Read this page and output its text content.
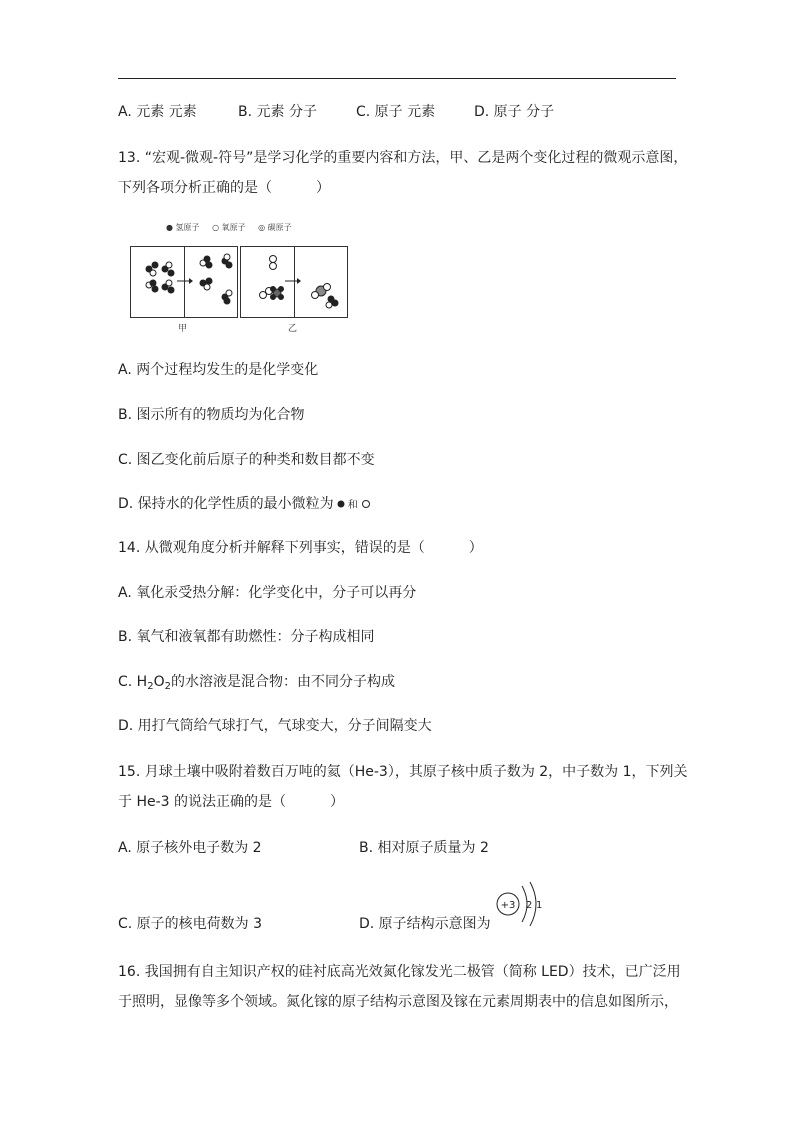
A. 元素 元素	B. 元素 分子	C. 原子 元素	D. 原子 分子
13. “宏观-微观-符号”是学习化学的重要内容和方法，甲、乙是两个变化过程的微观示意图，
下列各项分析正确的是（	）
● 氢原子 ○ 氧原子 ◎ 碳原子
甲	乙
A. 两个过程均发生的是化学变化
B. 图示所有的物质均为化合物
C. 图乙变化前后原子的种类和数目都不变
D. 保持水的化学性质的最小微粒为 和
14. 从微观角度分析并解释下列事实，错误的是（	）
A. 氧化汞受热分解：化学变化中，分子可以再分
B. 氧气和液氧都有助燃性：分子构成相同
C. $H_2O_2$的水溶液是混合物：由不同分子构成
D. 用打气筒给气球打气，气球变大，分子间隔变大
15. 月球土壤中吸附着数百万吨的氦（He-3），其原子核中质子数为 2，中子数为 1，下列关
于 He-3 的说法正确的是（	）
A. 原子核外电子数为 2	B. 相对原子质量为 2
C. 原子的核电荷数为 3	D. 原子结构示意图为
+3 2 1
16. 我国拥有自主知识产权的硅衬底高光效氮化镓发光二极管（简称 LED）技术，已广泛用
于照明，显像等多个领域。氮化镓的原子结构示意图及镓在元素周期表中的信息如图所示，
